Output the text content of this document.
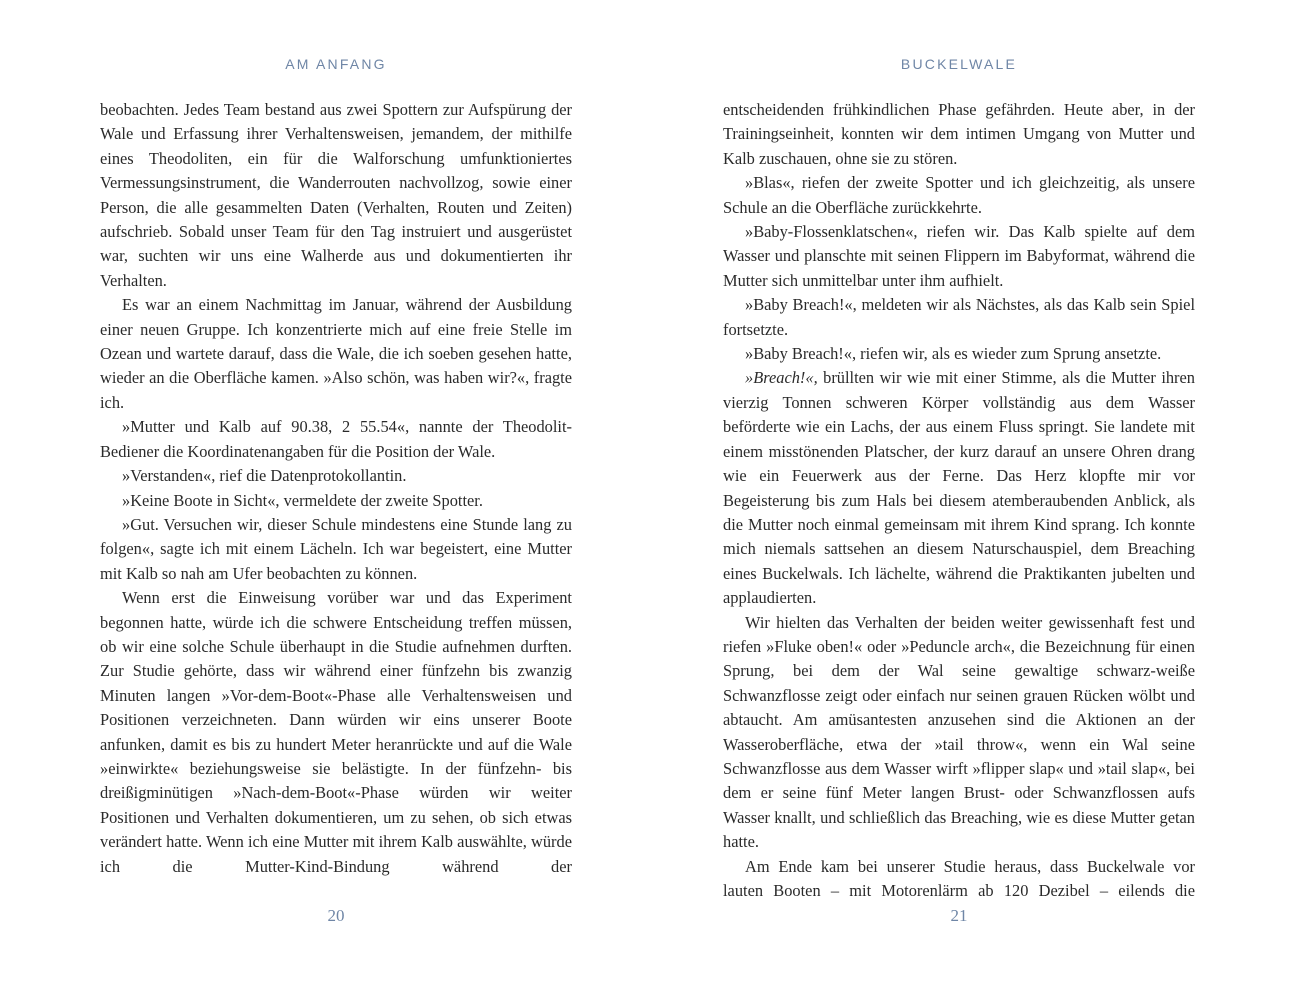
AM ANFANG

beobachten. Jedes Team bestand aus zwei Spottern zur Aufspürung der Wale und Erfassung ihrer Verhaltensweisen, jemandem, der mithilfe eines Theodoliten, ein für die Walforschung umfunktioniertes Vermessungsinstrument, die Wanderrouten nachvollzog, sowie einer Person, die alle gesammelten Daten (Verhalten, Routen und Zeiten) aufschrieb. Sobald unser Team für den Tag instruiert und ausgerüstet war, suchten wir uns eine Walherde aus und dokumentierten ihr Verhalten.

Es war an einem Nachmittag im Januar, während der Ausbildung einer neuen Gruppe. Ich konzentrierte mich auf eine freie Stelle im Ozean und wartete darauf, dass die Wale, die ich soeben gesehen hatte, wieder an die Oberfläche kamen. »Also schön, was haben wir?«, fragte ich.

»Mutter und Kalb auf 90.38, 2 55.54«, nannte der Theodolit-Bediener die Koordinatenangaben für die Position der Wale.

»Verstanden«, rief die Datenprotokollantin.

»Keine Boote in Sicht«, vermeldete der zweite Spotter.

»Gut. Versuchen wir, dieser Schule mindestens eine Stunde lang zu folgen«, sagte ich mit einem Lächeln. Ich war begeistert, eine Mutter mit Kalb so nah am Ufer beobachten zu können.

Wenn erst die Einweisung vorüber war und das Experiment begonnen hatte, würde ich die schwere Entscheidung treffen müssen, ob wir eine solche Schule überhaupt in die Studie aufnehmen durften. Zur Studie gehörte, dass wir während einer fünfzehn bis zwanzig Minuten langen »Vor-dem-Boot«-Phase alle Verhaltensweisen und Positionen verzeichneten. Dann würden wir eins unserer Boote anfunken, damit es bis zu hundert Meter heranrückte und auf die Wale »einwirkte« beziehungsweise sie belästigte. In der fünfzehn- bis dreißigminütigen »Nach-dem-Boot«-Phase würden wir weiter Positionen und Verhalten dokumentieren, um zu sehen, ob sich etwas verändert hatte. Wenn ich eine Mutter mit ihrem Kalb auswählte, würde ich die Mutter-Kind-Bindung während der

20
BUCKELWALE

entscheidenden frühkindlichen Phase gefährden. Heute aber, in der Trainingseinheit, konnten wir dem intimen Umgang von Mutter und Kalb zuschauen, ohne sie zu stören.

»Blas«, riefen der zweite Spotter und ich gleichzeitig, als unsere Schule an die Oberfläche zurückkehrte.

»Baby-Flossenklatschen«, riefen wir. Das Kalb spielte auf dem Wasser und planschte mit seinen Flippern im Babyformat, während die Mutter sich unmittelbar unter ihm aufhielt.

»Baby Breach!«, meldeten wir als Nächstes, als das Kalb sein Spiel fortsetzte.

»Baby Breach!«, riefen wir, als es wieder zum Sprung ansetzte.

»Breach!«, brüllten wir wie mit einer Stimme, als die Mutter ihren vierzig Tonnen schweren Körper vollständig aus dem Wasser beförderte wie ein Lachs, der aus einem Fluss springt. Sie landete mit einem misstönenden Platscher, der kurz darauf an unsere Ohren drang wie ein Feuerwerk aus der Ferne. Das Herz klopfte mir vor Begeisterung bis zum Hals bei diesem atemberaubenden Anblick, als die Mutter noch einmal gemeinsam mit ihrem Kind sprang. Ich konnte mich niemals sattsehen an diesem Naturschauspiel, dem Breaching eines Buckelwals. Ich lächelte, während die Praktikanten jubelten und applaudierten.

Wir hielten das Verhalten der beiden weiter gewissenhaft fest und riefen »Fluke oben!« oder »Peduncle arch«, die Bezeichnung für einen Sprung, bei dem der Wal seine gewaltige schwarz-weiße Schwanzflosse zeigt oder einfach nur seinen grauen Rücken wölbt und abtaucht. Am amüsantesten anzusehen sind die Aktionen an der Wasseroberfläche, etwa der »tail throw«, wenn ein Wal seine Schwanzflosse aus dem Wasser wirft »flipper slap« und »tail slap«, bei dem er seine fünf Meter langen Brust- oder Schwanzflossen aufs Wasser knallt, und schließlich das Breaching, wie es diese Mutter getan hatte.

Am Ende kam bei unserer Studie heraus, dass Buckelwale vor lauten Booten – mit Motorenlärm ab 120 Dezibel – eilends die

21
